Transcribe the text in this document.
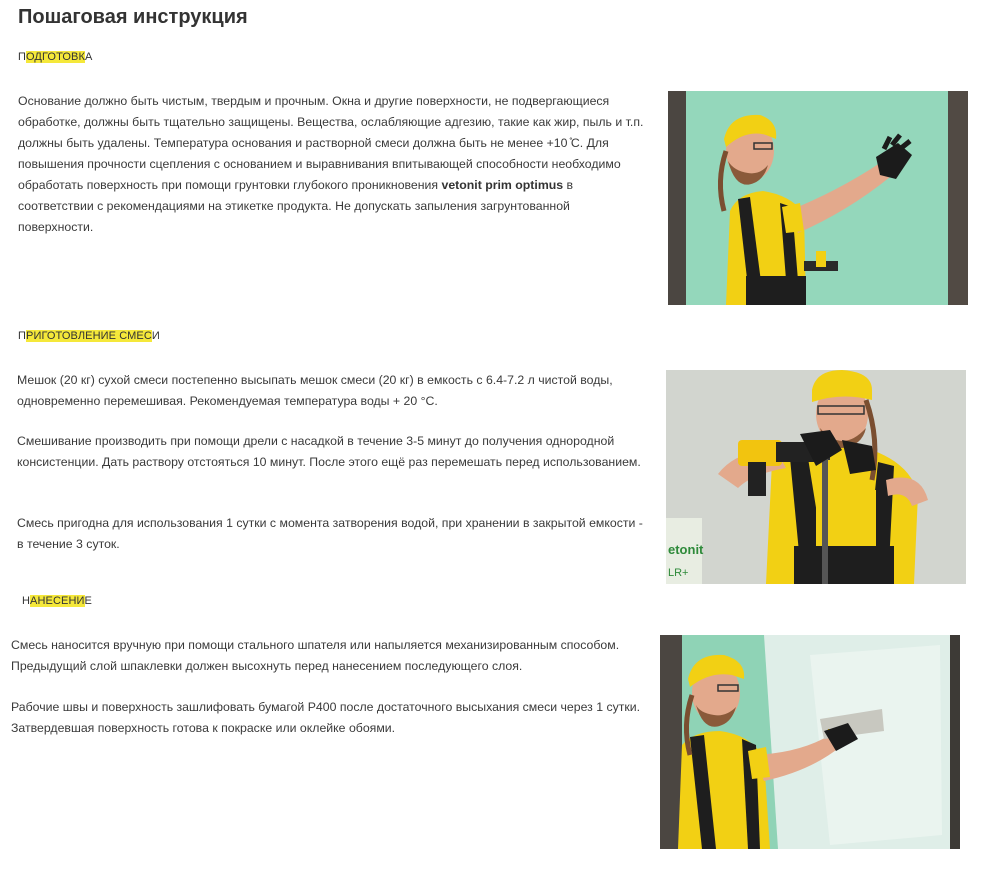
Пошаговая инструкция
ПОДГОТОВКА

Основание должно быть чистым, твердым и прочным. Окна и другие поверхности, не подвергающиеся обработке, должны быть тщательно защищены. Вещества, ослабляющие адгезию, такие как жир, пыль и т.п. должны быть удалены. Температура основания и растворной смеси должна быть не менее +10 ̊С. Для повышения прочности сцепления с основанием и выравнивания впитывающей способности необходимо обработать поверхность при помощи грунтовки глубокого проникновения vetonit prim optimus в соответствии с рекомендациями на этикетке продукта. Не допускать запыления загрунтованной поверхности.

ПРИГОТОВЛЕНИЕ СМЕСИ

Мешок (20 кг) сухой смеси постепенно высыпать мешок смеси (20 кг) в емкость с 6.4-7.2 л чистой воды, одновременно перемешивая. Рекомендуемая температура воды + 20 °С.

Смешивание производить при помощи дрели с насадкой в течение 3-5 минут до получения однородной консистенции. Дать раствору отстояться 10 минут. После этого ещё раз перемешать перед использованием.

Смесь пригодна для использования 1 сутки с момента затворения водой, при хранении в закрытой емкости - в течение 3 суток.	etonit
LR+
НАНЕСЕНИЕ

Смесь наносится вручную при помощи стального шпателя или напыляется механизированным способом. Предыдущий слой шпаклевки должен высохнуть перед нанесением последующего слоя.

Рабочие швы и поверхность зашлифовать бумагой Р400 после достаточного высыхания смеси через 1 сутки. Затвердевшая поверхность готова к покраске или оклейке обоями.
